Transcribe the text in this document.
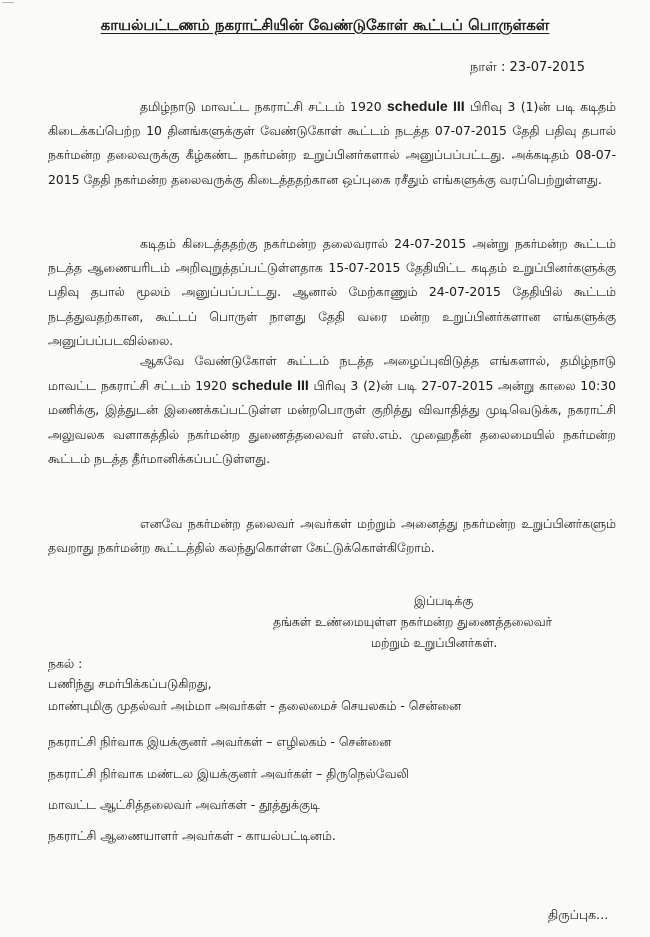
காயல்பட்டணம் நகராட்சியின் வேண்டுகோள் கூட்டப் பொருள்கள்
நாள் : 23-07-2015
தமிழ்நாடு மாவட்ட நகராட்சி சட்டம் 1920 schedule III பிரிவு 3 (1)ன் படி கடிதம் கிடைக்கப்பெற்ற 10 தினங்களுக்குள் வேண்டுகோள் கூட்டம் நடத்த 07-07-2015 தேதி பதிவு தபால் நகர்மன்ற தலைவருக்கு கீழ்கண்ட நகர்மன்ற உறுப்பினர்களால் அனுப்பப்பட்டது. அக்கடிதம் 08-07-2015 தேதி நகர்மன்ற தலைவருக்கு கிடைத்ததற்கான ஒப்புகை ரசீதும் எங்களுக்கு வரப்பெற்றுள்ளது.
கடிதம் கிடைத்ததற்கு நகர்மன்ற தலைவரால் 24-07-2015 அன்று நகர்மன்ற கூட்டம் நடத்த ஆணையரிடம் அறிவுறுத்தப்பட்டுள்ளதாக 15-07-2015 தேதியிட்ட கடிதம் உறுப்பினர்களுக்கு பதிவு தபால் மூலம் அனுப்பப்பட்டது. ஆனால் மேற்காணும் 24-07-2015 தேதியில் கூட்டம் நடத்துவதற்கான, கூட்டப் பொருள் நாளது தேதி வரை மன்ற உறுப்பினர்களான எங்களுக்கு அனுப்பப்படவில்லை.
ஆகவே வேண்டுகோள் கூட்டம் நடத்த அழைப்புவிடுத்த எங்களால், தமிழ்நாடு மாவட்ட நகராட்சி சட்டம் 1920 schedule III பிரிவு 3 (2)ன் படி 27-07-2015 அன்று காலை 10:30 மணிக்கு, இத்துடன் இணைக்கப்பட்டுள்ள மன்றபொருள் குறித்து விவாதித்து முடிவெடுக்க, நகராட்சி அலுவலக வளாகத்தில் நகர்மன்ற துணைத்தலைவர் எஸ்.எம். முஹைதீன் தலைமையில் நகர்மன்ற கூட்டம் நடத்த தீர்மானிக்கப்பட்டுள்ளது.
எனவே நகர்மன்ற தலைவர் அவர்கள் மற்றும் அனைத்து நகர்மன்ற உறுப்பினர்களும் தவறாது நகர்மன்ற கூட்டத்தில் கலந்துகொள்ள கேட்டுக்கொள்கிறோம்.
இப்படிக்கு
தங்கள் உண்மையுள்ள நகர்மன்ற துணைத்தலைவர்
மற்றும் உறுப்பினர்கள்.
நகல் :
பணிந்து சமர்பிக்கப்படுகிறது,
மாண்புமிகு முதல்வர் அம்மா அவர்கள் - தலைமைச் செயலகம் - சென்னை
நகராட்சி நிர்வாக இயக்குனர் அவர்கள் – எழிலகம் - சென்னை
நகராட்சி நிர்வாக மண்டல இயக்குனர் அவர்கள் – திருநெல்வேலி
மாவட்ட ஆட்சித்தலைவர் அவர்கள் - தூத்துக்குடி
நகராட்சி ஆணையாளர் அவர்கள் - காயல்பட்டினம்.
திருப்புக…
